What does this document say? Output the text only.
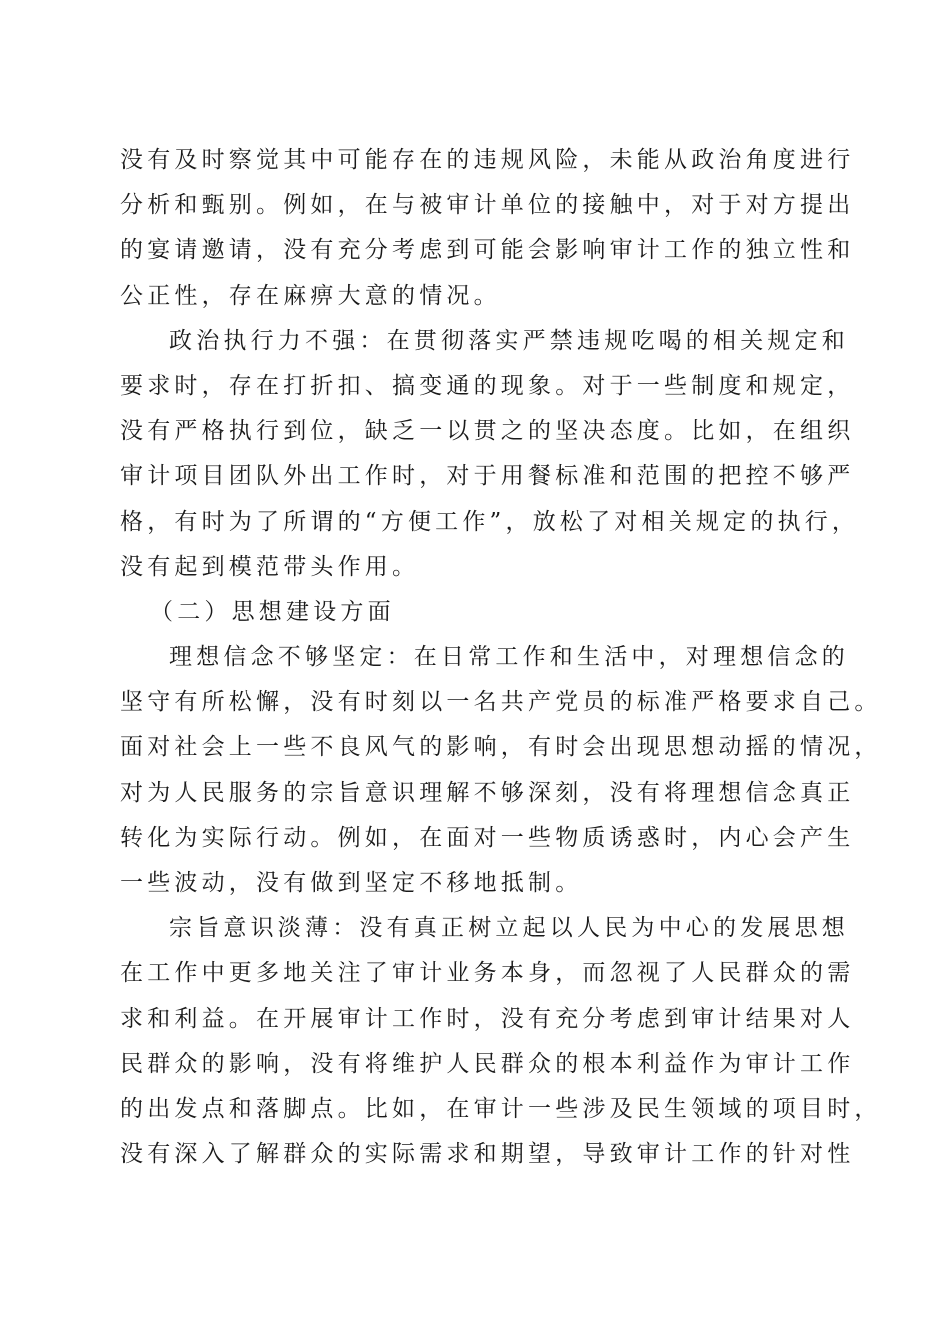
没有及时察觉其中可能存在的违规风险，未能从政治角度进行
分析和甄别。例如，在与被审计单位的接触中，对于对方提出
的宴请邀请，没有充分考虑到可能会影响审计工作的独立性和
公正性，存在麻痹大意的情况。
政治执行力不强：在贯彻落实严禁违规吃喝的相关规定和
要求时，存在打折扣、搞变通的现象。对于一些制度和规定，
没有严格执行到位，缺乏一以贯之的坚决态度。比如，在组织
审计项目团队外出工作时，对于用餐标准和范围的把控不够严
格，有时为了所谓的“方便工作”，放松了对相关规定的执行，
没有起到模范带头作用。
（二）思想建设方面
理想信念不够坚定：在日常工作和生活中，对理想信念的
坚守有所松懈，没有时刻以一名共产党员的标准严格要求自己。
面对社会上一些不良风气的影响，有时会出现思想动摇的情况，
对为人民服务的宗旨意识理解不够深刻，没有将理想信念真正
转化为实际行动。例如，在面对一些物质诱惑时，内心会产生
一些波动，没有做到坚定不移地抵制。
宗旨意识淡薄：没有真正树立起以人民为中心的发展思想
在工作中更多地关注了审计业务本身，而忽视了人民群众的需
求和利益。在开展审计工作时，没有充分考虑到审计结果对人
民群众的影响，没有将维护人民群众的根本利益作为审计工作
的出发点和落脚点。比如，在审计一些涉及民生领域的项目时，
没有深入了解群众的实际需求和期望，导致审计工作的针对性
